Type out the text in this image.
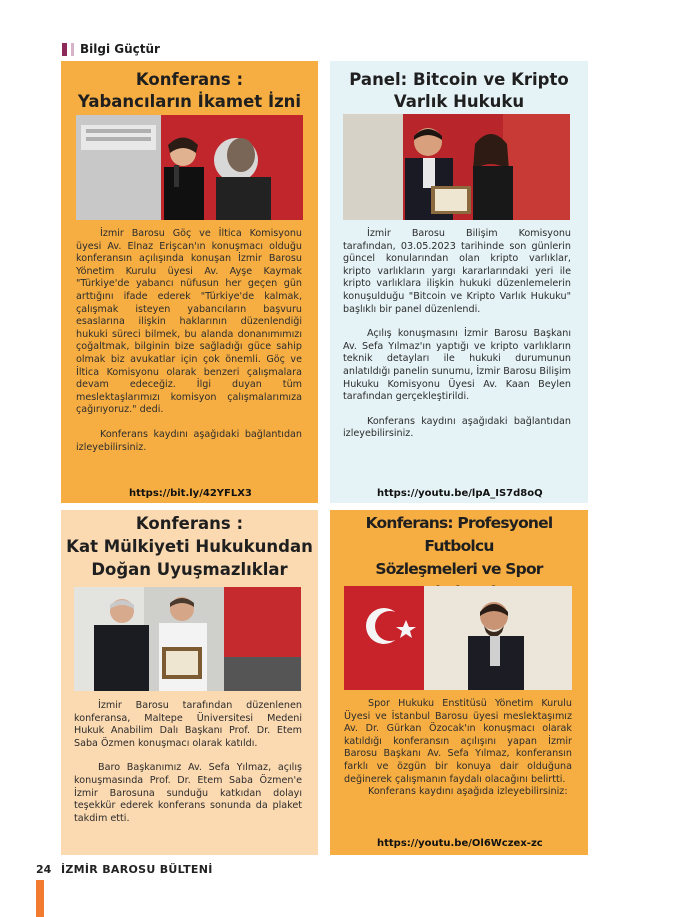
Bilgi Güçtür
Konferans :
Yabancıların İkamet İzni

İzmir Barosu Göç ve İltica Komisyonu üyesi Av. Elnaz Erişcan'ın konuşmacı olduğu konferansın açılışında konuşan İzmir Barosu Yönetim Kurulu üyesi Av. Ayşe Kaymak "Türkiye'de yabancı nüfusun her geçen gün arttığını ifade ederek "Türkiye'de kalmak, çalışmak isteyen yabancıların başvuru esaslarına ilişkin haklarının düzenlendiği hukuki süreci bilmek, bu alanda donanımımızı çoğaltmak, bilginin bize sağladığı güce sahip olmak biz avukatlar için çok önemli. Göç ve İltica Komisyonu olarak benzeri çalışmalara devam edeceğiz. İlgi duyan tüm meslektaşlarımızı komisyon çalışmalarımıza çağırıyoruz." dedi.

Konferans kaydını aşağıdaki bağlantıdan izleyebilirsiniz.

https://bit.ly/42YFLX3
Panel: Bitcoin ve Kripto
Varlık Hukuku

İzmir Barosu Bilişim Komisyonu tarafından, 03.05.2023 tarihinde son günlerin güncel konularından olan kripto varlıklar, kripto varlıkların yargı kararlarındaki yeri ile kripto varlıklara ilişkin hukuki düzenlemelerin konuşulduğu "Bitcoin ve Kripto Varlık Hukuku" başlıklı bir panel düzenlendi.

Açılış konuşmasını İzmir Barosu Başkanı Av. Sefa Yılmaz'ın yaptığı ve kripto varlıkların teknik detayları ile hukuki durumunun anlatıldığı panelin sunumu, İzmir Barosu Bilişim Hukuku Komisyonu Üyesi Av. Kaan Beylen tarafından gerçekleştirildi.

Konferans kaydını aşağıdaki bağlantıdan izleyebilirsiniz.

https://youtu.be/lpA_IS7d8oQ
Konferans :
Kat Mülkiyeti Hukukundan
Doğan Uyuşmazlıklar

İzmir Barosu tarafından düzenlenen konferansa, Maltepe Üniversitesi Medeni Hukuk Anabilim Dalı Başkanı Prof. Dr. Etem Saba Özmen konuşmacı olarak katıldı.

Baro Başkanımız Av. Sefa Yılmaz, açılış konuşmasında Prof. Dr. Etem Saba Özmen'e İzmir Barosuna sunduğu katkıdan dolayı teşekkür ederek konferans sonunda da plaket takdim etti.

Konferans: Profesyonel Futbolcu
Sözleşmeleri ve Spor

Spor Hukuku Enstitüsü Yönetim Kurulu Üyesi ve İstanbul Barosu üyesi meslektaşımız Av. Dr. Gürkan Özocak'ın konuşmacı olarak katıldığı konferansın açılışını yapan İzmir Barosu Başkanı Av. Sefa Yılmaz, konferansın farklı ve özgün bir konuya dair olduğuna değinerek çalışmanın faydalı olacağını belirtti.

Konferans kaydını aşağıda izleyebilirsiniz:

https://youtu.be/Ol6Wczex-zc
24 İZMİR BAROSU BÜLTENİ
